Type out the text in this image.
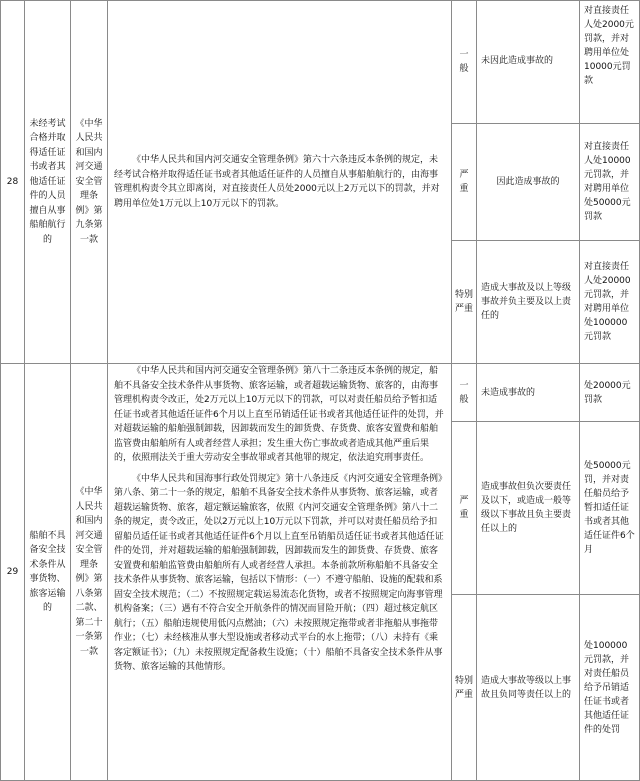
28
未经考试合格并取得适任证书或者其他适任证件的人员擅自从事船舶航行的
《中华人民共和国内河交通安全管理条例》第九条第一款

《中华人民共和国内河交通安全管理条例》第六十六条违反本条例的规定，未经考试合格并取得适任证书或者其他适任证件的人员擅自从事船舶航行的，由海事管理机构责令其立即离岗，对直接责任人员处2000元以上2万元以下的罚款，并对聘用单位处1万元以上10万元以下的罚款。

一般
未因此造成事故的
对直接责任人处2000元罚款，并对聘用单位处10000元罚款
严重
因此造成事故的
对直接责任人处10000元罚款，并对聘用单位处50000元罚款
特别严重
造成大事故及以上等级事故并负主要及以上责任的
对直接责任人处20000元罚款，并对聘用单位处100000元罚款
29
船舶不具备安全技术条件从事货物、旅客运输的
《中华人民共和国内河交通安全管理条例》第八条第二款、第二十一条第一款

《中华人民共和国内河交通安全管理条例》第八十二条违反本条例的规定，船舶不具备安全技术条件从事货物、旅客运输，或者超载运输货物、旅客的，由海事管理机构责令改正，处2万元以上10万元以下的罚款，可以对责任船员给予暂扣适任证书或者其他适任证件6个月以上直至吊销适任证书或者其他适任证件的处罚，并对超载运输的船舶强制卸载，因卸载而发生的卸货费、存货费、旅客安置费和船舶监管费由船舶所有人或者经营人承担；发生重大伤亡事故或者造成其他严重后果的，依照刑法关于重大劳动安全事故罪或者其他罪的规定，依法追究刑事责任。

《中华人民共和国海事行政处罚规定》第十八条违反《内河交通安全管理条例》第八条、第二十一条的规定，船舶不具备安全技术条件从事货物、旅客运输，或者超载运输货物、旅客，超定额运输旅客，依照《内河交通安全管理条例》第八十二条的规定，责令改正，处以2万元以上10万元以下罚款，并可以对责任船员给予扣留船员适任证书或者其他适任证件6个月以上直至吊销船员适任证书或者其他适任证件的处罚，并对超载运输的船舶强制卸载，因卸载而发生的卸货费、存货费、旅客安置费和船舶监管费由船舶所有人或者经营人承担。本条前款所称船舶不具备安全技术条件从事货物、旅客运输，包括以下情形：（一）不遵守船舶、设施的配载和系固安全技术规范；（二）不按照规定载运易流态化货物，或者不按照规定向海事管理机构备案；（三）遇有不符合安全开航条件的情况而冒险开航；（四）超过核定航区航行；（五）船舶违规使用低闪点燃油；（六）未按照规定拖带或者非拖船从事拖带作业；（七）未经核准从事大型设施或者移动式平台的水上拖带；（八）未持有《乘客定额证书》；（九）未按照规定配备救生设施；（十）船舶不具备安全技术条件从事货物、旅客运输的其他情形。

一般
未造成事故的
处20000元罚款
严重
造成事故但负次要责任及以下，或造成一般等级以下事故且负主要责任以上的
处50000元罚，并对责任船员给予暂扣适任证书或者其他适任证件6个月
特别严重
造成大事故等级以上事故且负同等责任以上的
处100000元罚款，并对责任船员给予吊销适任证书或者其他适任证件的处罚
